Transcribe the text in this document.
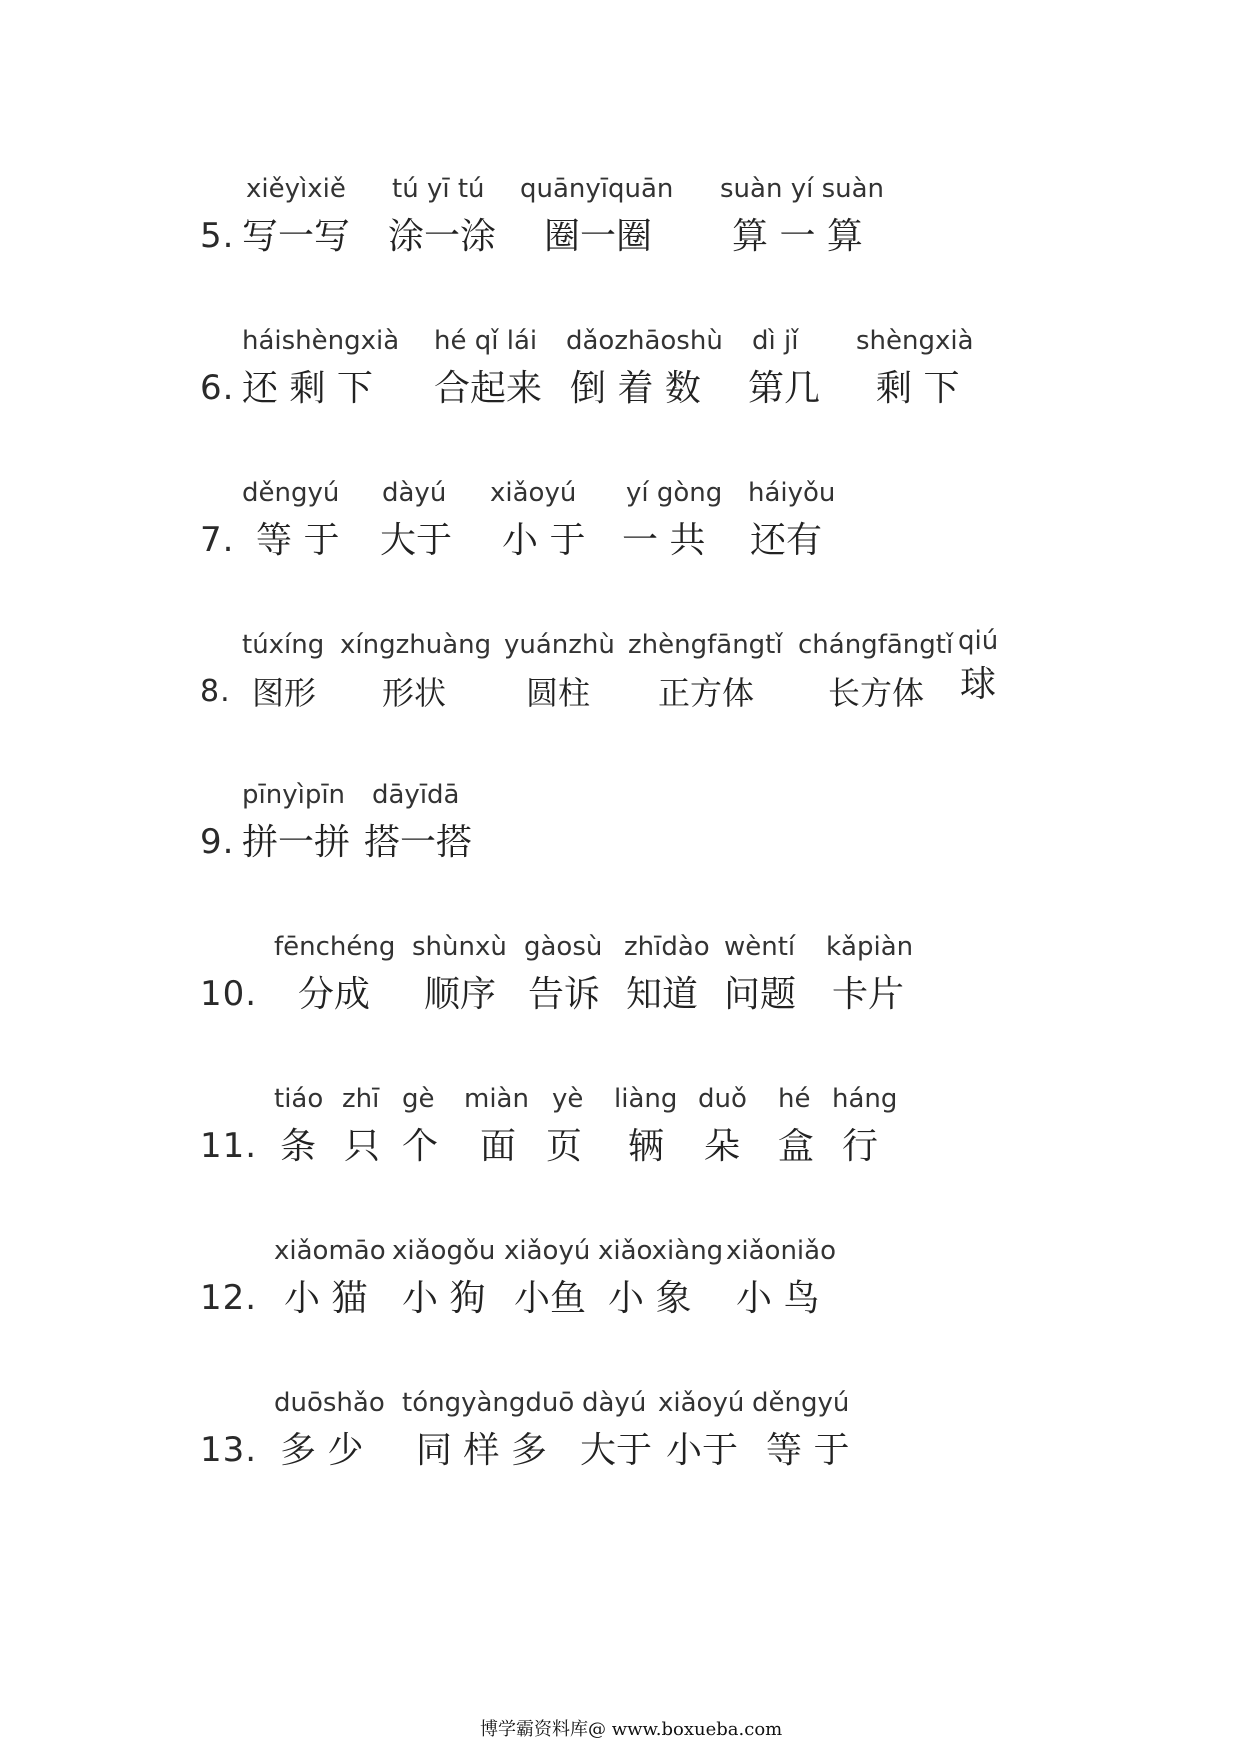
5.
xiěyìxiě
写一写
tú yī tú
涂一涂
quānyīquān
圈一圈
suàn yí suàn
算 一 算
6.
háishèngxià
还 剩 下
hé qǐ lái
合起来
dǎozhāoshù
倒 着 数
dì jǐ
第几
shèngxià
剩 下
7.
děngyú
等 于
dàyú
大于
xiǎoyú
小 于
yí gòng
一 共
háiyǒu
还有
8.
túxíng
图形
xíngzhuàng
形状
yuánzhù
圆柱
zhèngfāngtǐ
正方体
chángfāngtǐ
长方体
qiú
球
9.
pīnyìpīn
拼一拼
dāyīdā
搭一搭
10.
fēnchéng
分成
shùnxù
顺序
gàosù
告诉
zhīdào
知道
wèntí
问题
kǎpiàn
卡片
11.
tiáo
条
zhī
只
gè
个
miàn
面
yè
页
liàng
辆
duǒ
朵
hé
盒
háng
行
12.
xiǎomāo
小 猫
xiǎogǒu
小 狗
xiǎoyú
小鱼
xiǎoxiàng
小 象
xiǎoniǎo
小 鸟
13.
duōshǎo
多 少
tóngyàngduō
同 样 多
dàyú
大于
xiǎoyú
小于
děngyú
等 于
博学霸资料库@ www.boxueba.com
